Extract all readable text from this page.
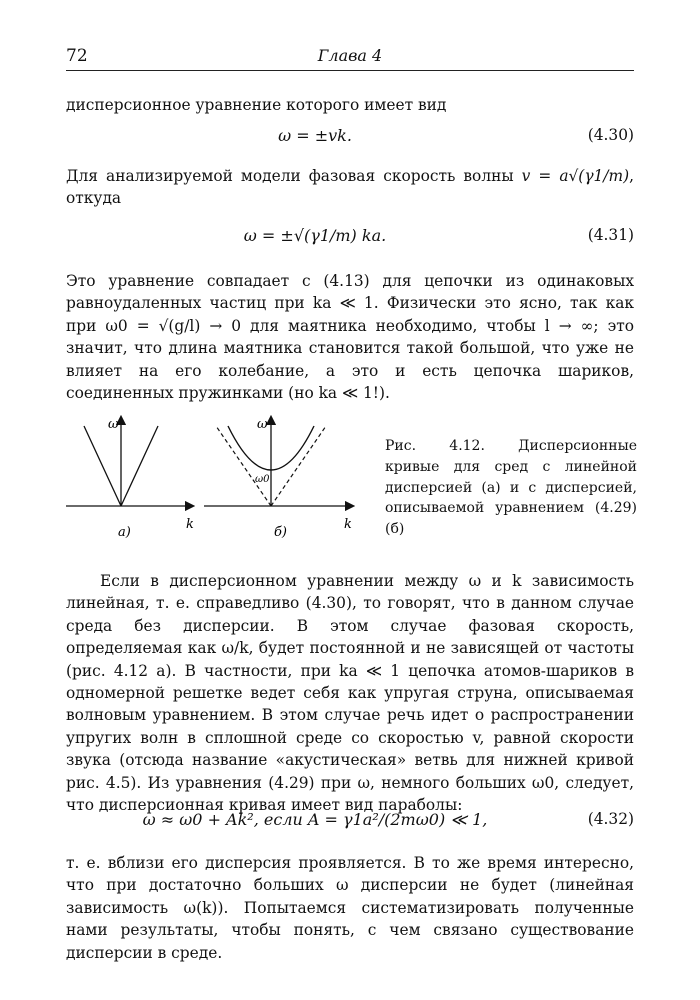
72	Глава 4
дисперсионное уравнение которого имеет вид
ω = ±vk.	(4.30)
Для анализируемой модели фазовая скорость волны v = a√(γ1/m), откуда
ω = ±√(γ1/m) ka.	(4.31)
Это уравнение совпадает с (4.13) для цепочки из одинаковых равноудаленных частиц при ka ≪ 1. Физически это ясно, так как при ω0 = √(g/l) → 0 для маятника необходимо, чтобы l → ∞; это значит, что длина маятника становится такой большой, что уже не влияет на его колебание, а это и есть цепочка шариков, соединенных пружинками (но ka ≪ 1!).
ω
k
а)
ω
ω0
k
б)
Рис. 4.12. Дисперсионные кривые для сред с линейной дисперсией (а) и с дисперсией, описываемой уравнением (4.29) (б)
Если в дисперсионном уравнении между ω и k зависимость линейная, т. е. справедливо (4.30), то говорят, что в данном случае среда без дисперсии. В этом случае фазовая скорость, определяемая как ω/k, будет постоянной и не зависящей от частоты (рис. 4.12 а). В частности, при ka ≪ 1 цепочка атомов-шариков в одномерной решетке ведет себя как упругая струна, описываемая волновым уравнением. В этом случае речь идет о распространении упругих волн в сплошной среде со скоростью v, равной скорости звука (отсюда название «акустическая» ветвь для нижней кривой рис. 4.5). Из уравнения (4.29) при ω, немного больших ω0, следует, что дисперсионная кривая имеет вид параболы:
ω ≈ ω0 + Ak², если A = γ1a²/(2mω0) ≪ 1,	(4.32)
т. е. вблизи его дисперсия проявляется. В то же время интересно, что при достаточно больших ω дисперсии не будет (линейная зависимость ω(k)). Попытаемся систематизировать полученные нами результаты, чтобы понять, с чем связано существование дисперсии в среде.
